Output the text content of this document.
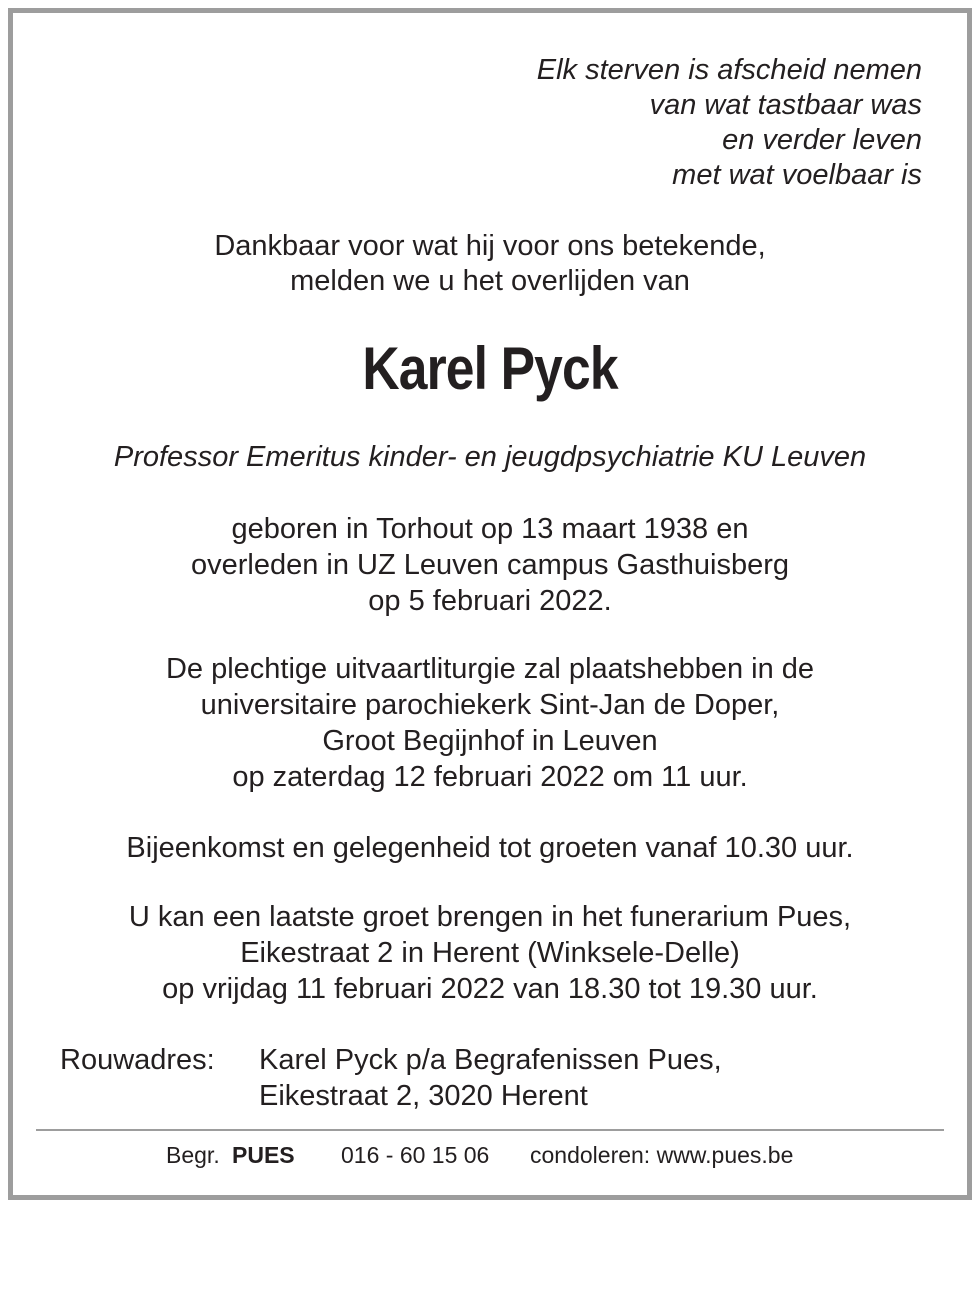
Elk sterven is afscheid nemen
van wat tastbaar was
en verder leven
met wat voelbaar is
Dankbaar voor wat hij voor ons betekende,
melden we u het overlijden van
Karel Pyck
Professor Emeritus kinder- en jeugdpsychiatrie KU Leuven
geboren in Torhout op 13 maart 1938 en
overleden in UZ Leuven campus Gasthuisberg
op 5 februari 2022.
De plechtige uitvaartliturgie zal plaatshebben in de
universitaire parochiekerk Sint-Jan de Doper,
Groot Begijnhof in Leuven
op zaterdag 12 februari 2022 om 11 uur.
Bijeenkomst en gelegenheid tot groeten vanaf 10.30 uur.
U kan een laatste groet brengen in het funerarium Pues,
Eikestraat 2 in Herent (Winksele-Delle)
op vrijdag 11 februari 2022 van 18.30 tot 19.30 uur.
Rouwadres: Karel Pyck p/a Begrafenissen Pues,
Eikestraat 2, 3020 Herent

Begr.

PUES

016 - 60 15 06

condoleren: www.pues.be
